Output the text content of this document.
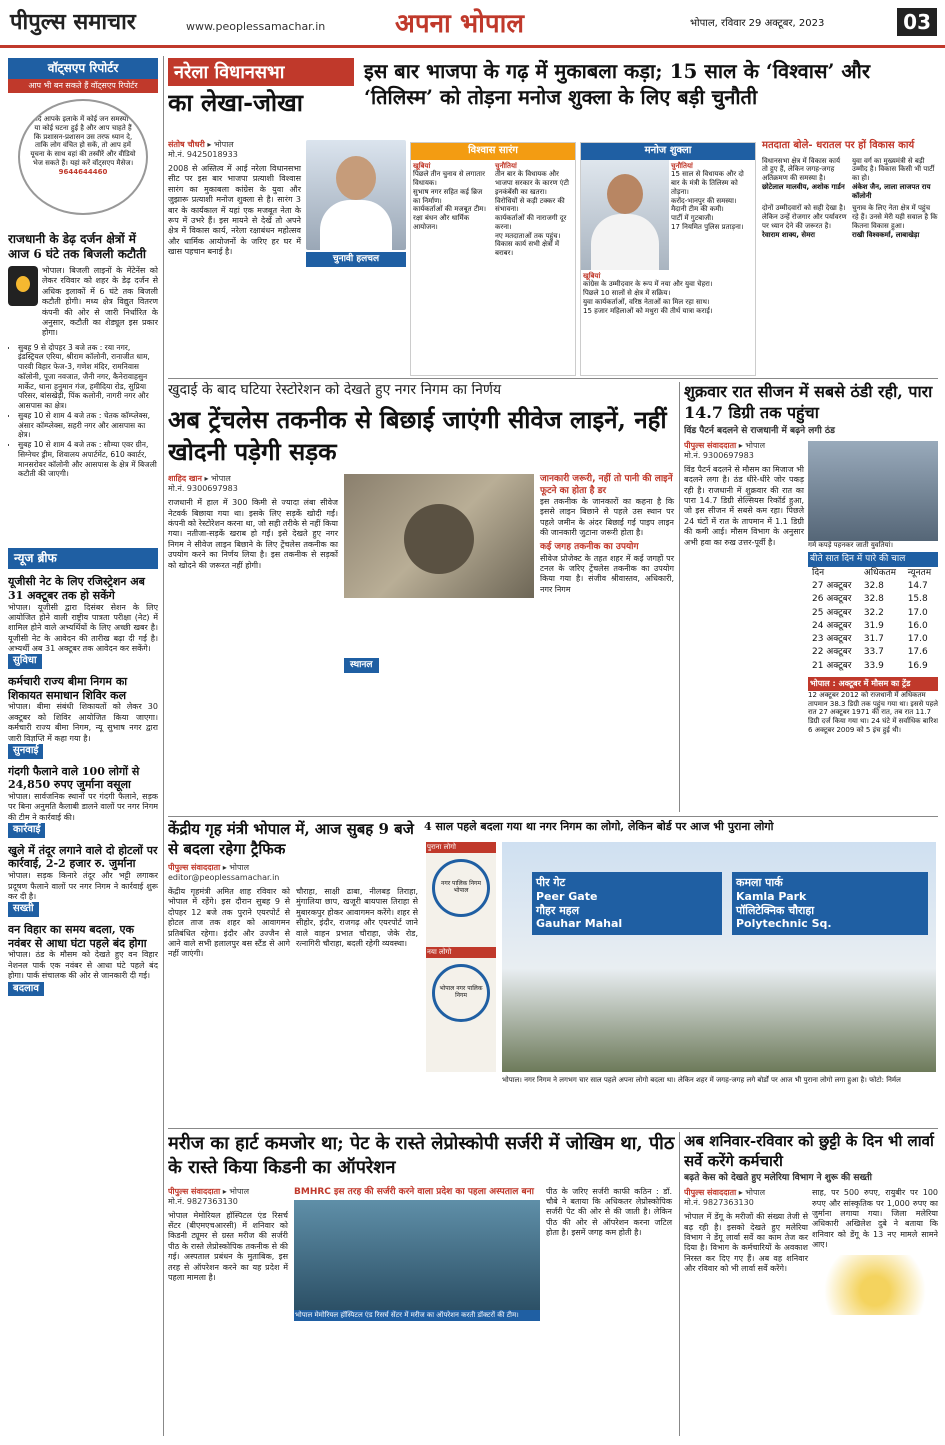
पीपुल्स समाचार	www.peoplessamachar.in	अपना भोपाल	भोपाल, रविवार 29 अक्टूबर, 2023	03
वॉट्सएप रिपोर्टर
आप भी बन सकते हैं वॉट्सएप रिपोर्टर
यदि आपके इलाके में कोई जन समस्या है या कोई घटना हुई है और आप चाहते हैं कि प्रशासन-प्रशासन उस तरफ ध्यान दे, ताकि लोग वंचित हो सकें, तो आप हमें यूचना के साथ वहां की तस्वीरें और वीडियो भेज सकते हैं। यहां करें वॉट्सएप मैसेज।
9644644460
राजधानी के डेढ़ दर्जन क्षेत्रों में आज 6 घंटे तक बिजली कटौती
भोपाल। बिजली लाइनों के मेंटेनेंस को लेकर रविवार को शहर के डेढ़ दर्जन से अधिक इलाकों में 6 घंटे तक बिजली कटौती होगी। मध्य क्षेत्र विद्युत वितरण कंपनी की ओर से जारी निर्धारित के अनुसार, कटौती का शेड्यूल इस प्रकार होगा।
• सुबह 9 से दोपहर 3 बजे तक : रया नगर, इंडस्ट्रियल एरिया, श्रीराम कॉलोनी, रानाजीत धाम, पारवी विहार फेज-3, गणेश मंदिर, रामनिवास कॉलोनी, पूजा नवजात, जैनी नगर, कैनेरावाहसुन मार्केट, थाना हनुमान गंज, हमीदिया रोड, सुप्रिया परिसर, बांसखेड़ी, पिंक कलोनी, नागरी नगर और आसपास का क्षेत्र।
• सुबह 10 से शाम 4 बजे तक : चेतक कॉम्प्लेक्स, अंसार कॉम्प्लेक्स, सहरी नगर और आसपास का क्षेत्र।
• सुबह 10 से शाम 4 बजे तक : सौम्या एवर ग्रीन, सिग्नेचर ड्रीम, शिवालय अपार्टमेंट, 610 क्वार्टर, मानसरोवर कॉलोनी और आसपास के क्षेत्र में बिजली कटौती की जाएगी।
न्यूज ब्रीफ
यूजीसी नेट के लिए रजिस्ट्रेशन अब 31 अक्टूबर तक हो सकेंगे
भोपाल। यूजीसी द्वारा दिसंबर सेशन के लिए आयोजित होने वाली राष्ट्रीय पात्रता परीक्षा (नेट) में शामिल होने वाले अभ्यर्थियों के लिए अच्छी खबर है। यूजीसी नेट के आवेदन की तारीख बढ़ा दी गई है। अभ्यर्थी अब 31 अक्टूबर तक आवेदन कर सकेंगे।
सुविधा
कर्मचारी राज्य बीमा निगम का शिकायत समाधान शिविर कल
भोपाल। बीमा संबंधी शिकायतों को लेकर 30 अक्टूबर को शिविर आयोजित किया जाएगा। कर्मचारी राज्य बीमा निगम, न्यू सुभाष नगर द्वारा जारी विज्ञप्ति में कहा गया है।
सुनवाई
गंदगी फैलाने वाले 100 लोगों से 24,850 रुपए जुर्माना वसूला
भोपाल। सार्वजनिक स्थानों पर गंदगी फैलाने, सड़क पर बिना अनुमति कैलाबी डालने वालों पर नगर निगम की टीम ने कार्रवाई की।
कार्रवाई
खुले में तंदूर लगाने वाले दो होटलों पर कार्रवाई, 2-2 हजार रु. जुर्माना
भोपाल। सड़क किनारे तंदूर और भट्टी लगाकर प्रदूषण फैलाने वालों पर नगर निगम ने कार्रवाई शुरू कर दी है।
सख्ती
वन विहार का समय बदला, एक नवंबर से आधा घंटा पहले बंद होगा
भोपाल। ठंड के मौसम को देखते हुए वन विहार नेशनल पार्क एक नवंबर से आधा घंटे पहले बंद होगा। पार्क संचालक की ओर से जानकारी दी गई।
बदलाव
नरेला विधानसभा
का लेखा-जोखा
इस बार भाजपा के गढ़ में मुकाबला कड़ा; 15 साल के ‘विश्वास’ और ‘तिलिस्म’ को तोड़ना मनोज शुक्ला के लिए बड़ी चुनौती
संतोष चौधरी ▸ भोपाल
मो.नं. 9425018933
2008 से अस्तित्व में आई नरेला विधानसभा सीट पर इस बार भाजपा प्रत्याशी विश्वास सारंग का मुकाबला कांग्रेस के युवा और जुझारू प्रत्याशी मनोज शुक्ला से है। सारंग 3 बार के कार्यकाल में यहां एक मजबूत नेता के रूप में उभरे हैं। इस मायने से देखें तो अपने क्षेत्र में विकास कार्य, नरेला रक्षाबंधन महोत्सव और धार्मिक आयोजनों के जरिए हर घर में खास पहचान बनाई है।
विश्वास सारंग
खूबियां
पिछले तीन चुनाव से लगातार विधायक।
सुभाष नगर सहित कई ब्रिज का निर्माण।
कार्यकर्ताओं की मजबूत टीम।
रक्षा बंधन और धार्मिक आयोजन।
चुनौतियां
तीन बार के विधायक और भाजपा सरकार के कारण एंटी इनकंबेंसी का खतरा।
विरोधियों से कड़ी टक्कर की संभावना।
कार्यकर्ताओं की नाराजगी दूर करना।
नए मतदाताओं तक पहुंच।
विकास कार्य सभी क्षेत्रों में बराबर।
मनोज शुक्ला
चुनौतियां
15 साल से विधायक और दो बार के मंत्री के तिलिस्म को तोड़ना।
करोंद-भानपुर की समस्या।
मैदानी टीम की कमी।
पार्टी में गुटबाजी।
17 नियमित पुलिस प्रताड़ना।
खूबियां
कांग्रेस के उम्मीदवार के रूप में नया और युवा चेहरा।
पिछले 10 सालों से क्षेत्र में सक्रिय।
युवा कार्यकर्ताओं, वरिष्ठ नेताओं का मिल रहा साथ।
15 हजार महिलाओं को मथुरा की तीर्थ यात्रा कराई।
चुनावी हलचल
मतदाता बोले- धरातल पर हों विकास कार्य
विधानसभा क्षेत्र में विकास कार्य तो हुए हैं, लेकिन जगह-जगह अतिक्रमण की समस्या है।
छोटेलाल मालवीय, अशोक गार्डन
युवा वर्ग का मुख्यमंत्री से बड़ी उम्मीद है। विकास किसी भी पार्टी का हो।
अंकेश जैन, लाला लाजपत राय कॉलोनी
दोनों उम्मीदवारों को सही देखा है। लेकिन उन्हें रोजगार और पर्यावरण पर ध्यान देने की जरूरत है।
रेवाराम शाक्य, सेमरा
चुनाव के लिए नेता क्षेत्र में पहुंच रहे हैं। उनसे मेरी यही सवाल है कि कितना विकास हुआ।
राखी विश्वकर्मा, लाबाखेड़ा
खुदाई के बाद घटिया रेस्टोरेशन को देखते हुए नगर निगम का निर्णय
अब ट्रेंचलेस तकनीक से बिछाई जाएंगी सीवेज लाइनें, नहीं खोदनी पड़ेगी सड़क
शाहिद खान ▸ भोपाल
मो.नं. 9300697983
राजधानी में हाल में 300 किमी से ज्यादा लंबा सीवेज नेटवर्क बिछाया गया था। इसके लिए सड़कें खोदी गईं। कंपनी को रेस्टोरेशन करना था, जो सही तरीके से नहीं किया गया। नतीजा-सड़कें खराब हो गईं। इसे देखते हुए नगर निगम ने सीवेज लाइन बिछाने के लिए ट्रेंचलेस तकनीक का उपयोग करने का निर्णय लिया है। इस तकनीक से सड़कों को खोदने की जरूरत नहीं होगी।
जानकारी जरूरी, नहीं तो पानी की लाइनें फूटने का होता है डर
इस तकनीक के जानकारों का कहना है कि इससे लाइन बिछाने से पहले उस स्थान पर पहले जमीन के अंदर बिछाई गई पाइप लाइन की जानकारी जुटाना जरूरी होता है।
कई जगह तकनीक का उपयोग
सीवेज प्रोजेक्ट के तहत शहर में कई जगहों पर टनल के जरिए ट्रेंचलेस तकनीक का उपयोग किया गया है। संजीव श्रीवास्तव, अधिकारी, नगर निगम
स्थानल
शुक्रवार रात सीजन में सबसे ठंडी रही, पारा 14.7 डिग्री तक पहुंचा
विंड पैटर्न बदलने से राजधानी में बढ़ने लगी ठंड
पीपुल्स संवाददाता ▸ भोपाल
मो.नं. 9300697983
विंड पैटर्न बदलने से मौसम का मिजाज भी बदलने लगा है। ठंड धीरे-धीरे जोर पकड़ रही है। राजधानी में शुक्रवार की रात का पारा 14.7 डिग्री सेल्सियस रिकॉर्ड हुआ, जो इस सीजन में सबसे कम रहा। पिछले 24 घंटों में रात के तापमान में 1.1 डिग्री की कमी आई। मौसम विभाग के अनुसार अभी हवा का रुख उत्तर-पूर्वी है।	गर्म कपड़े पहनकर जाती युवतियां।
बीते सात दिन में पारे की चाल
दिन	अधिकतम	न्यूनतम
27 अक्टूबर	32.8	14.7
26 अक्टूबर	32.8	15.8
25 अक्टूबर	32.2	17.0
24 अक्टूबर	31.9	16.0
23 अक्टूबर	31.7	17.0
22 अक्टूबर	33.7	17.6
21 अक्टूबर	33.9	16.9
भोपाल : अक्टूबर में मौसम का ट्रेंड
12 अक्टूबर 2012 को राजधानी में अधिकतम तापमान 38.3 डिग्री तक पहुंच गया था। इससे पहले रात 27 अक्टूबर 1971 की रात, तब रात 11.7 डिग्री दर्ज किया गया था। 24 घंटे में सर्वाधिक बारिश 6 अक्टूबर 2009 को 5 इंच हुई थी।
केंद्रीय गृह मंत्री भोपाल में, आज सुबह 9 बजे से बदला रहेगा ट्रैफिक
पीपुल्स संवाददाता ▸ भोपाल
editor@peoplessamachar.in
केंद्रीय गृहमंत्री अमित शाह रविवार को भोपाल में रहेंगे। इस दौरान सुबह 9 से दोपहर 12 बजे तक पुराने एयरपोर्ट से होटल ताज तक शहर को आवागमन प्रतिबंधित रहेगा। इंदौर और उज्जैन से आने वाले सभी हलालपुर बस स्टैंड से आगे नहीं जाएंगी।
चौराहा, साक्षी ढाबा, नीलबड़ तिराहा, मुंगालिया छाप, खजूरी बायपास तिराहा से मुबारकपुर होकर आवागमन करेंगे। शहर से सीहोर, इंदौर, राजगढ़ और एयरपोर्ट जाने वाले वाहन प्रभात चौराहा, जेके रोड, रत्नागिरी चौराहा, बदली रहेगी व्यवस्था।
4 साल पहले बदला गया था नगर निगम का लोगो, लेकिन बोर्ड पर आज भी पुराना लोगो
पुराना लोगो
नगर पालिक निगम भोपाल
नया लोगो
भोपाल नगर पालिक निगम
पीर गेट
Peer Gate
गौहर महल
Gauhar Mahal
कमला पार्क
Kamla Park
पॉलिटेक्निक चौराहा
Polytechnic Sq.
भोपाल। नगर निगम ने लगभग चार साल पहले अपना लोगो बदला था। लेकिन शहर में जगह-जगह लगे बोर्डों पर आज भी पुराना लोगो लगा हुआ है। फोटो: निर्मल
मरीज का हार्ट कमजोर था; पेट के रास्ते लेप्रोस्कोपी सर्जरी में जोखिम था, पीठ के रास्ते किया किडनी का ऑपरेशन
पीपुल्स संवाददाता ▸ भोपाल
मो.नं. 9827363130
भोपाल मेमोरियल हॉस्पिटल एंड रिसर्च सेंटर (बीएमएचआरसी) में शनिवार को किडनी ट्यूमर से ग्रस्त मरीज की सर्जरी पीठ के रास्ते लेप्रोस्कोपिक तकनीक से की गई। अस्पताल प्रबंधन के मुताबिक, इस तरह से ऑपरेशन करने का यह प्रदेश में पहला मामला है।
BMHRC इस तरह की सर्जरी करने वाला प्रदेश का पहला अस्पताल बना
भोपाल मेमोरियल हॉस्पिटल एंड रिसर्च सेंटर में मरीज का ऑपरेशन करती डॉक्टरों की टीम।
पीठ के जरिए सर्जरी काफी कठिन : डॉ. चौबे ने बताया कि अधिकतर लेप्रोस्कोपिक सर्जरी पेट की ओर से की जाती है। लेकिन पीठ की ओर से ऑपरेशन करना जटिल होता है। इसमें जगह कम होती है।
अब शनिवार-रविवार को छुट्टी के दिन भी लार्वा सर्वे करेंगे कर्मचारी
बढ़ते केस को देखते हुए मलेरिया विभाग ने शुरू की सख्ती
पीपुल्स संवाददाता ▸ भोपाल
मो.नं. 9827363130
भोपाल में डेंगू के मरीजों की संख्या तेजी से बढ़ रही है। इसको देखते हुए मलेरिया विभाग ने डेंगू लार्वा सर्वे का काम तेज कर दिया है। विभाग के कर्मचारियों के अवकाश निरस्त कर दिए गए हैं। अब वह शनिवार और रविवार को भी लार्वा सर्वे करेंगे।
साह, पर 500 रुपए, रायुबीर पर 100 रुपए और सांस्कृतिक पर 1,000 रुपए का जुर्माना लगाया गया। जिला मलेरिया अधिकारी अखिलेश दुबे ने बताया कि शनिवार को डेंगू के 13 नए मामले सामने आए।
